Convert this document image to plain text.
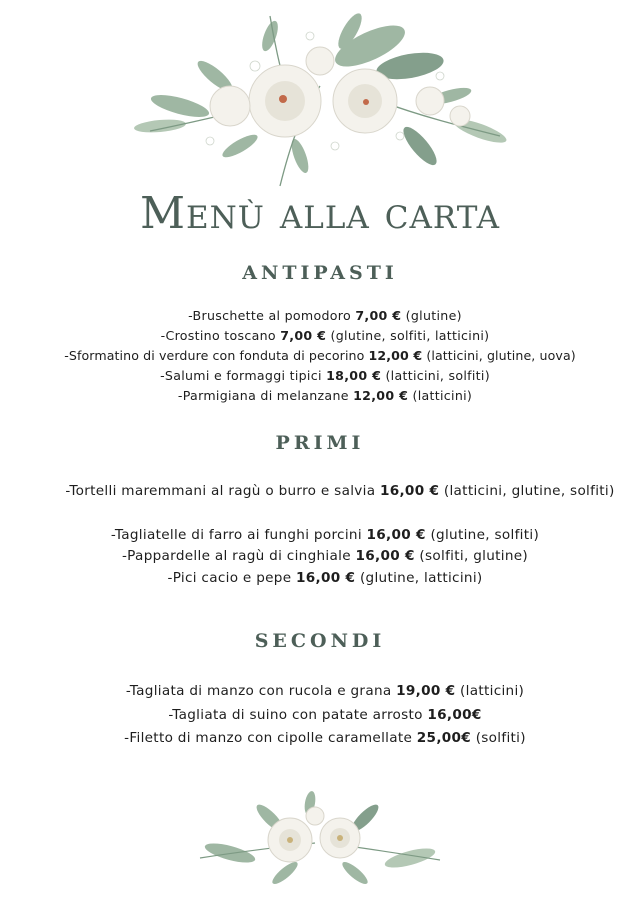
Menù alla carta
ANTIPASTI

-Bruschette al pomodoro 7,00 € (glutine)

-Crostino toscano 7,00 € (glutine, solfiti, latticini)

-Sformatino di verdure con fonduta di pecorino 12,00 € (latticini, glutine, uova)

-Salumi e formaggi tipici 18,00 € (latticini, solfiti)

-Parmigiana di melanzane 12,00 € (latticini)

PRIMI

-Tortelli maremmani al ragù o burro e salvia 16,00 € (latticini, glutine, solfiti)

-Tagliatelle di farro ai funghi porcini 16,00 € (glutine, solfiti)

-Pappardelle al ragù di cinghiale 16,00 € (solfiti, glutine)

-Pici cacio e pepe 16,00 € (glutine, latticini)

SECONDI

-Tagliata di manzo con rucola e grana 19,00 € (latticini)

-Tagliata di suino con patate arrosto 16,00€

-Filetto di manzo con cipolle caramellate 25,00€ (solfiti)
